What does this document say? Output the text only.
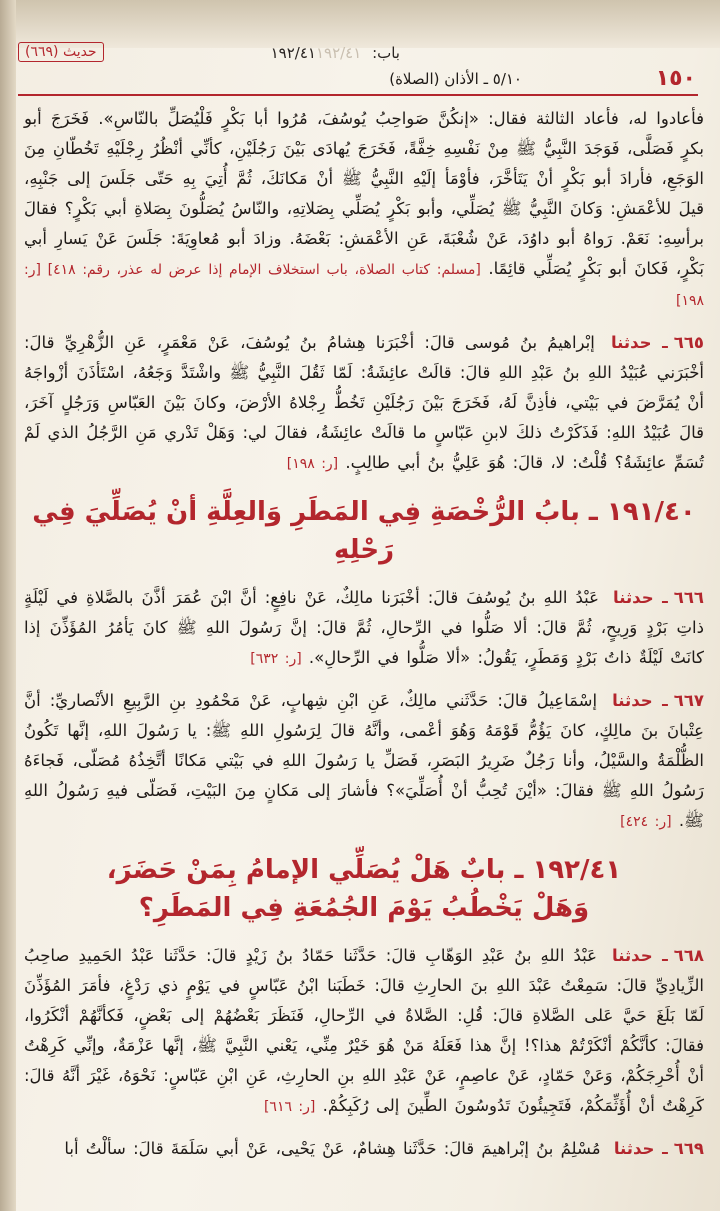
حديث (٦٦٩)	باب: ١٩٢/٤١١٩٢/٤١
١٥٠
٥/١٠ ـ الأذان (الصلاة)

فأعادوا له، فأعاد الثالثة فقال: «إنكُنَّ صَواحِبُ يُوسُفَ، مُرُوا أبا بَكْرٍ فَلْيُصَلِّ بالنّاسِ». فَخَرَجَ أبو بكرٍ فَصَلَّى، فَوَجَدَ النَّبِيُّ ﷺ مِنْ نَفْسِهِ خِفَّةً، فَخَرَجَ يُهادَى بَيْنَ رَجُلَيْنِ، كأنِّي أنْظُرُ رِجْلَيْهِ تَخُطّانِ مِنَ الوَجَعِ، فأرادَ أبو بَكْرٍ أنْ يَتَأخَّرَ، فأوْمَأ إلَيْهِ النَّبِيُّ ﷺ أنْ مَكانَكَ، ثُمَّ أُتِيَ بِهِ حَتّى جَلَسَ إلى جَنْبِهِ، قيلَ للأعْمَشِ: وَكانَ النَّبِيُّ ﷺ يُصَلِّي، وأبو بَكْرٍ يُصَلِّي بِصَلاتِهِ، والنّاسُ يُصَلُّونَ بِصَلاةِ أبي بَكْرٍ؟ فقالَ برأسِهِ: نَعَمْ. رَواهُ أبو داوُدَ، عَنْ شُعْبَةَ، عَنِ الأعْمَشِ: بَعْضَهُ. وزادَ أبو مُعاوِيَةَ: جَلَسَ عَنْ يَسارِ أبي بَكْرٍ، فَكانَ أبو بَكْرٍ يُصَلِّي قائِمًا. [مسلم: كتاب الصلاة، باب استخلاف الإمام إذا عرض له عذر، رقم: ٤١٨] [ر: ١٩٨]

٦٦٥ـ حدثنا إبْراهيمُ بنُ مُوسى قالَ: أخْبَرَنا هِشامُ بنُ يُوسُفَ، عَنْ مَعْمَرٍ، عَنِ الزُّهْرِيِّ قالَ: أخْبَرَني عُبَيْدُ اللهِ بنُ عَبْدِ اللهِ قالَ: قالَتْ عائِشَةُ: لَمّا ثَقُلَ النَّبِيُّ ﷺ واشْتَدَّ وَجَعُهُ، اسْتَأذَنَ أزْواجَهُ أنْ يُمَرَّضَ في بَيْتي، فأذِنَّ لَهُ، فَخَرَجَ بَيْنَ رَجُلَيْنِ تَخُطُّ رِجْلاهُ الأرْضَ، وكانَ بَيْنَ العَبّاسِ وَرَجُلٍ آخَرَ، قالَ عُبَيْدُ اللهِ: فَذَكَرْتُ ذلكَ لابنِ عَبّاسٍ ما قالَتْ عائِشَةُ، فقالَ لي: وَهَلْ تَدْري مَنِ الرَّجُلُ الذي لَمْ تُسَمِّ عائِشَةُ؟ قُلْتُ: لا، قالَ: هُوَ عَلِيُّ بنُ أبي طالِبٍ. [ر: ١٩٨]

١٩١/٤٠ ـ بابُ الرُّخْصَةِ فِي المَطَرِ وَالعِلَّةِ أنْ يُصَلِّيَ فِي رَحْلِهِ

٦٦٦ـ حدثنا عَبْدُ اللهِ بنُ يُوسُفَ قالَ: أخْبَرَنا مالِكٌ، عَنْ نافِعٍ: أنَّ ابْنَ عُمَرَ أذَّنَ بالصَّلاةِ في لَيْلَةٍ ذاتِ بَرْدٍ وَرِيحٍ، ثُمَّ قالَ: ألا صَلُّوا في الرِّحالِ، ثُمَّ قالَ: إنَّ رَسُولَ اللهِ ﷺ كانَ يَأمُرُ المُؤَذِّنَ إذا كانَتْ لَيْلَةٌ ذاتُ بَرْدٍ وَمَطَرٍ، يَقُولُ: «ألا صَلُّوا في الرِّحالِ». [ر: ٦٣٢]

٦٦٧ـ حدثنا إسْمَاعِيلُ قالَ: حَدَّثَني مالِكٌ، عَنِ ابْنِ شِهابٍ، عَنْ مَحْمُودِ بنِ الرَّبِيعِ الأنْصاريِّ: أنَّ عِتْبانَ بنَ مالِكٍ، كانَ يَؤُمُّ قَوْمَهُ وَهُوَ أعْمى، وأنَّهُ قالَ لِرَسُولِ اللهِ ﷺ: يا رَسُولَ اللهِ، إنَّها تَكُونُ الظُّلْمَةُ والسَّيْلُ، وأنا رَجُلٌ ضَرِيرُ البَصَرِ، فَصَلِّ يا رَسُولَ اللهِ في بَيْتي مَكانًا أتَّخِذُهُ مُصَلّى، فَجاءَهُ رَسُولُ اللهِ ﷺ فقالَ: «أيْنَ تُحِبُّ أنْ أُصَلِّيَ»؟ فأشارَ إلى مَكانٍ مِنَ البَيْتِ، فَصَلّى فيهِ رَسُولُ اللهِ ﷺ. [ر: ٤٢٤]

١٩٢/٤١ ـ بابٌ هَلْ يُصَلِّي الإمامُ بِمَنْ حَضَرَ،
وَهَلْ يَخْطُبُ يَوْمَ الجُمُعَةِ فِي المَطَرِ؟

٦٦٨ـ حدثنا عَبْدُ اللهِ بنُ عَبْدِ الوَهّابِ قالَ: حَدَّثَنا حَمّادُ بنُ زَيْدٍ قالَ: حَدَّثَنا عَبْدُ الحَمِيدِ صاحِبُ الزِّيادِيِّ قالَ: سَمِعْتُ عَبْدَ اللهِ بنَ الحارِثِ قالَ: خَطَبَنا ابْنُ عَبّاسٍ في يَوْمٍ ذي رَدْغٍ، فأمَرَ المُؤَذِّنَ لَمّا بَلَغَ حَيَّ عَلى الصَّلاةِ قالَ: قُلِ: الصَّلاةُ في الرِّحالِ، فَنَظَرَ بَعْضُهُمْ إلى بَعْضٍ، فَكأنَّهُمْ أنْكَرُوا، فقالَ: كأنَّكُمْ أنْكَرْتُمْ هذا؟! إنَّ هذا فَعَلَهُ مَنْ هُوَ خَيْرٌ مِنِّي، يَعْني النَّبِيَّ ﷺ، إنَّها عَزْمَةٌ، وإنِّي كَرِهْتُ أنْ أُحْرِجَكُمْ، وَعَنْ حَمّادٍ، عَنْ عاصِمٍ، عَنْ عَبْدِ اللهِ بنِ الحارِثِ، عَنِ ابْنِ عَبّاسٍ: نَحْوَهُ، غَيْرَ أنَّهُ قالَ: كَرِهْتُ أنْ أُؤَثِّمَكُمْ، فَتَجِيئُونَ تَدُوسُونَ الطِّينَ إلى رُكَبِكُمْ. [ر: ٦١٦]

٦٦٩ـ حدثنا مُسْلِمُ بنُ إبْراهيمَ قالَ: حَدَّثَنا هِشامٌ، عَنْ يَحْيى، عَنْ أبي سَلَمَةَ قالَ: سألْتُ أبا
